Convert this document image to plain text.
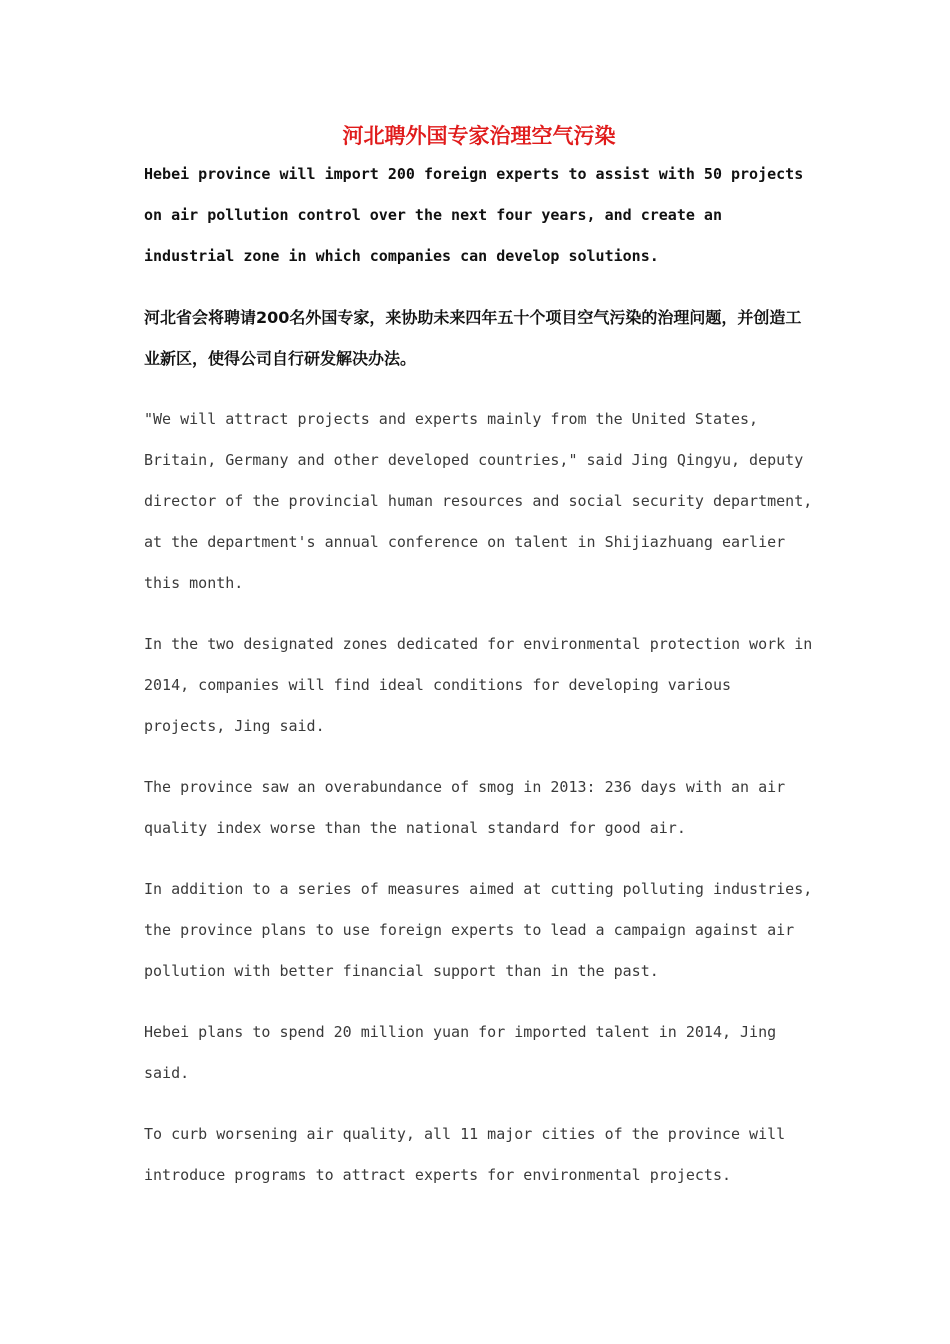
河北聘外国专家治理空气污染

Hebei province will import 200 foreign experts to assist with 50 projects on air pollution control over the next four years, and create an industrial zone in which companies can develop solutions.

河北省会将聘请200名外国专家，来协助未来四年五十个项目空气污染的治理问题，并创造工业新区，使得公司自行研发解决办法。

"We will attract projects and experts mainly from the United States, Britain, Germany and other developed countries," said Jing Qingyu, deputy director of the provincial human resources and social security department, at the department's annual conference on talent in Shijiazhuang earlier this month.

In the two designated zones dedicated for environmental protection work in 2014, companies will find ideal conditions for developing various projects, Jing said.

The province saw an overabundance of smog in 2013: 236 days with an air quality index worse than the national standard for good air.

In addition to a series of measures aimed at cutting polluting industries, the province plans to use foreign experts to lead a campaign against air pollution with better financial support than in the past.

Hebei plans to spend 20 million yuan for imported talent in 2014, Jing said.

To curb worsening air quality, all 11 major cities of the province will introduce programs to attract experts for environmental projects.
